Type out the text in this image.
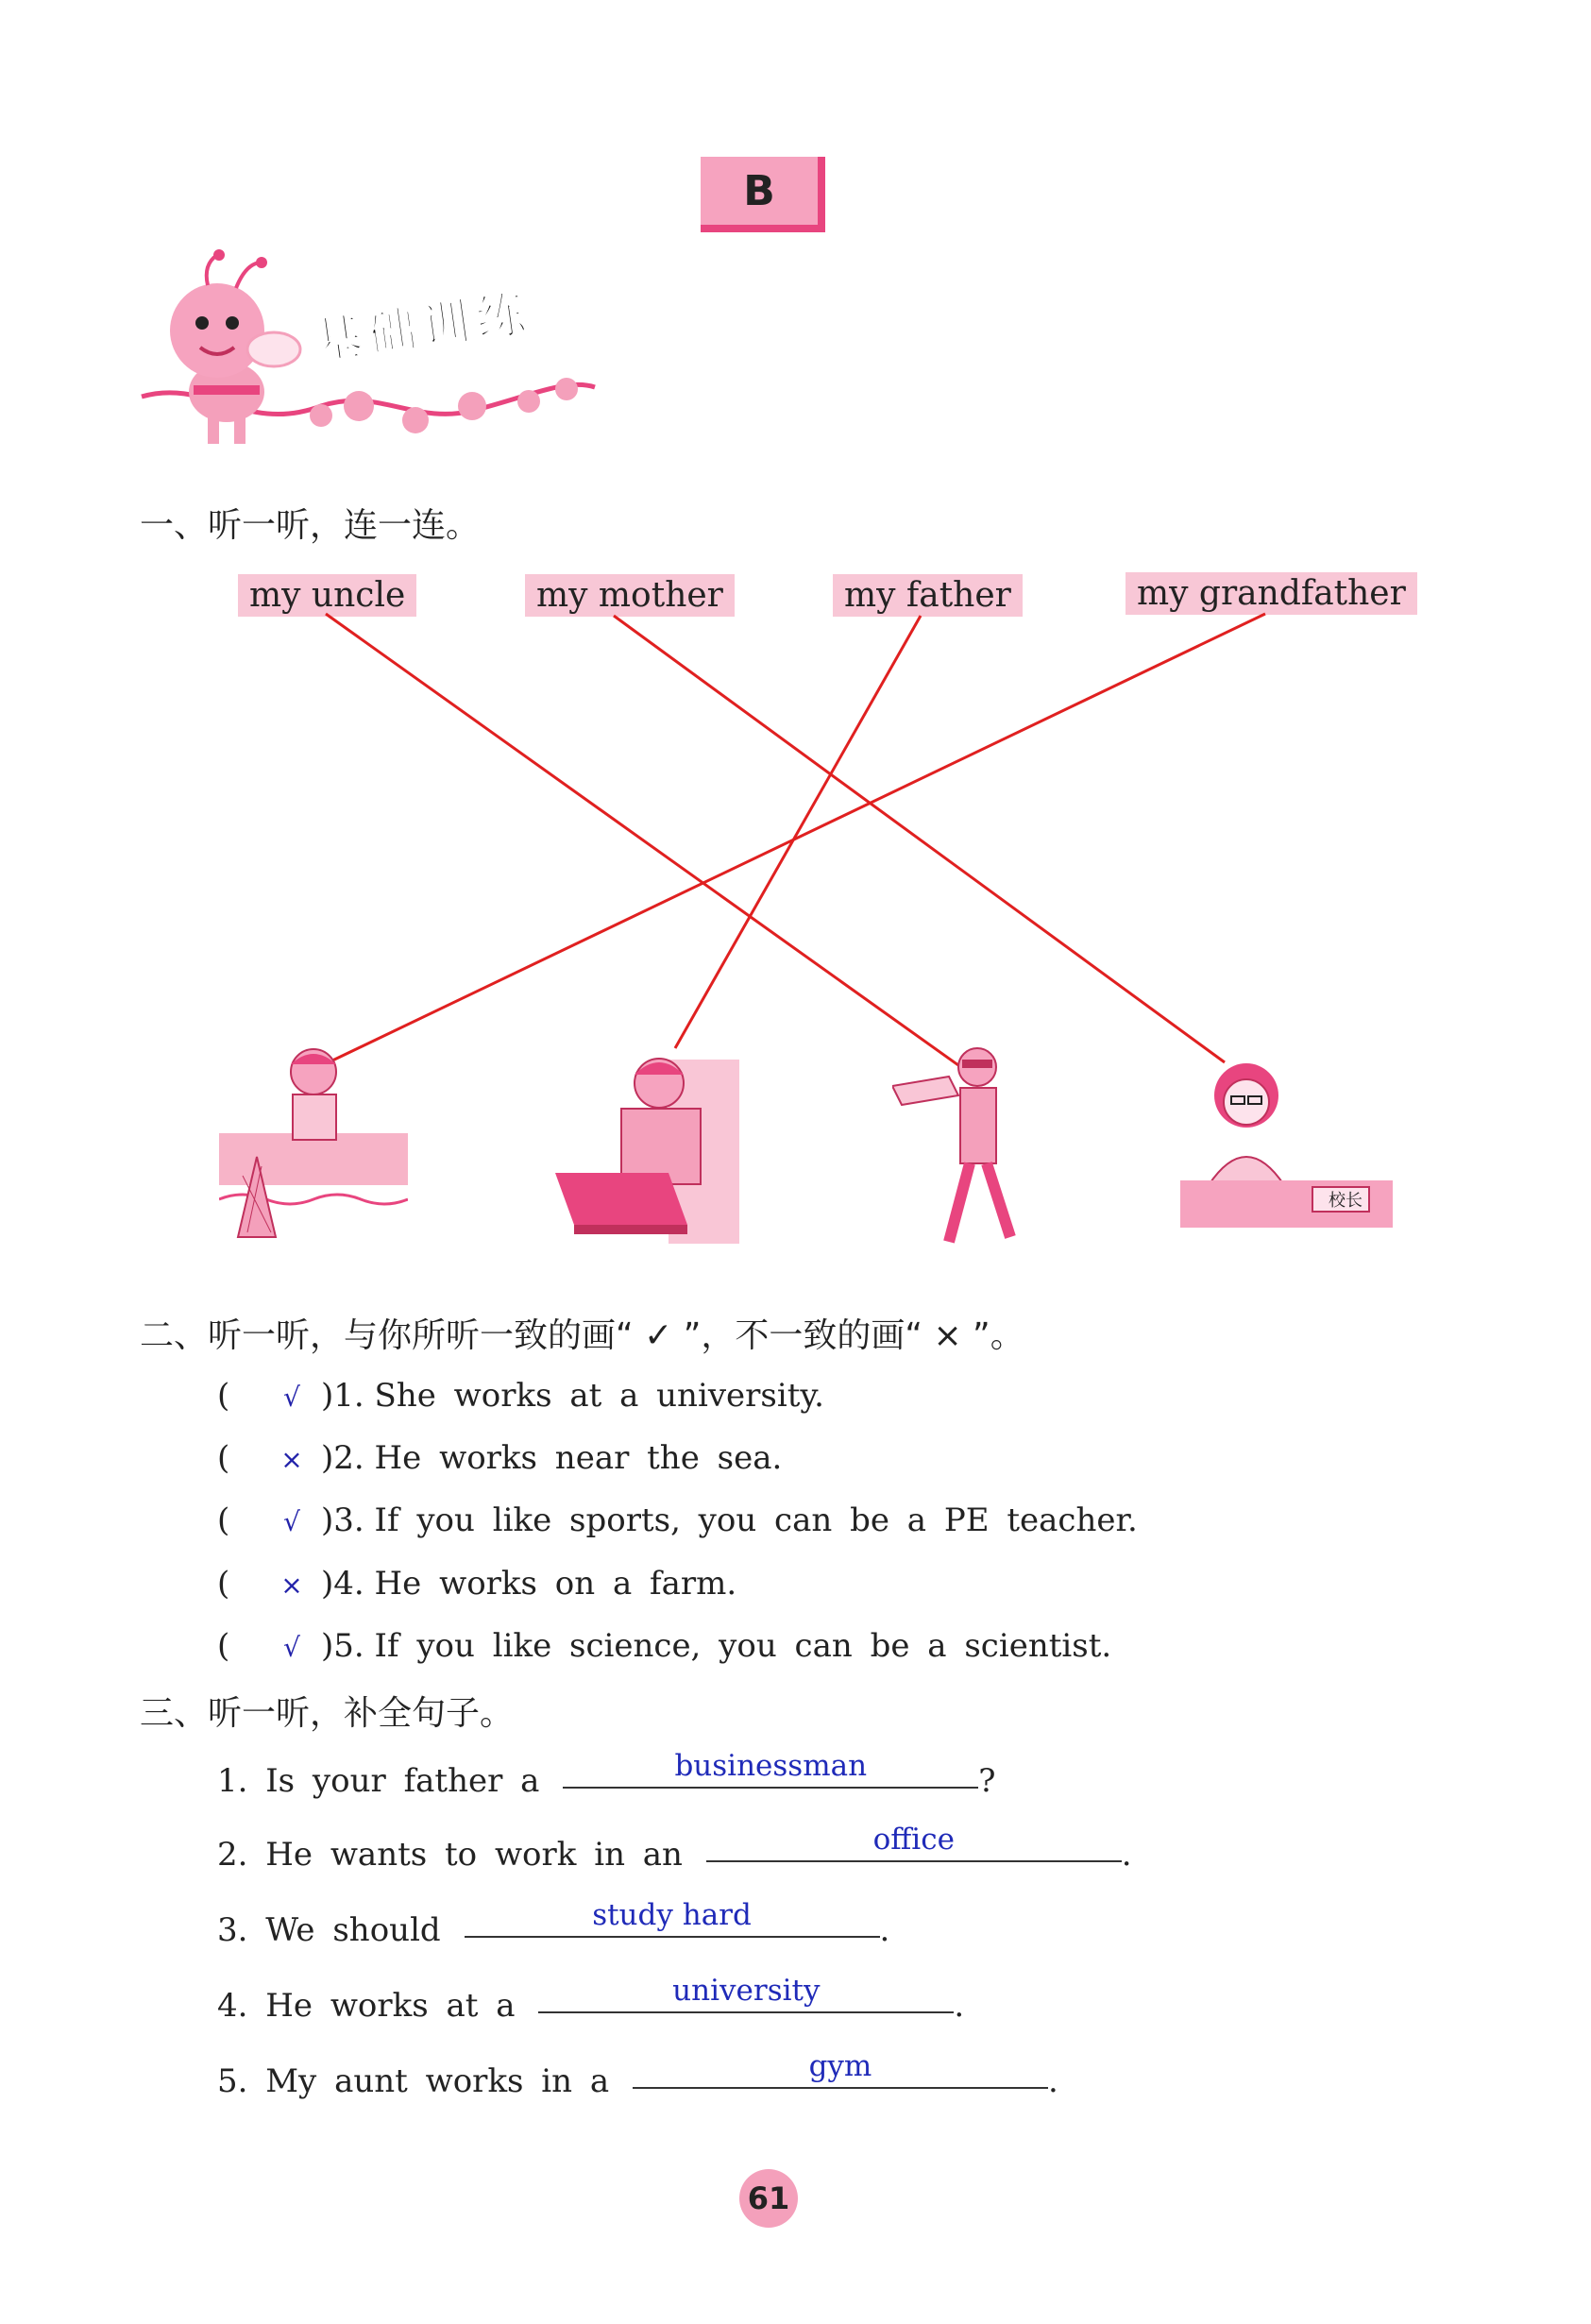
B
基础训练
一、听一听，连一连。
my uncle	my mother	my father	my grandfather
校长
二、听一听，与你所听一致的画“ ✓ ”，不一致的画“ × ”。
( √ )1. She works at a university.
( × )2. He works near the sea.
( √ )3. If you like sports, you can be a PE teacher.
( × )4. He works on a farm.
( √ )5. If you like science, you can be a scientist.
三、听一听，补全句子。
1. Is your father a	businessman	?
2. He wants to work in an	office	.
3. We should	study hard	.
4. He works at a	university	.
5. My aunt works in a	gym	.
61
